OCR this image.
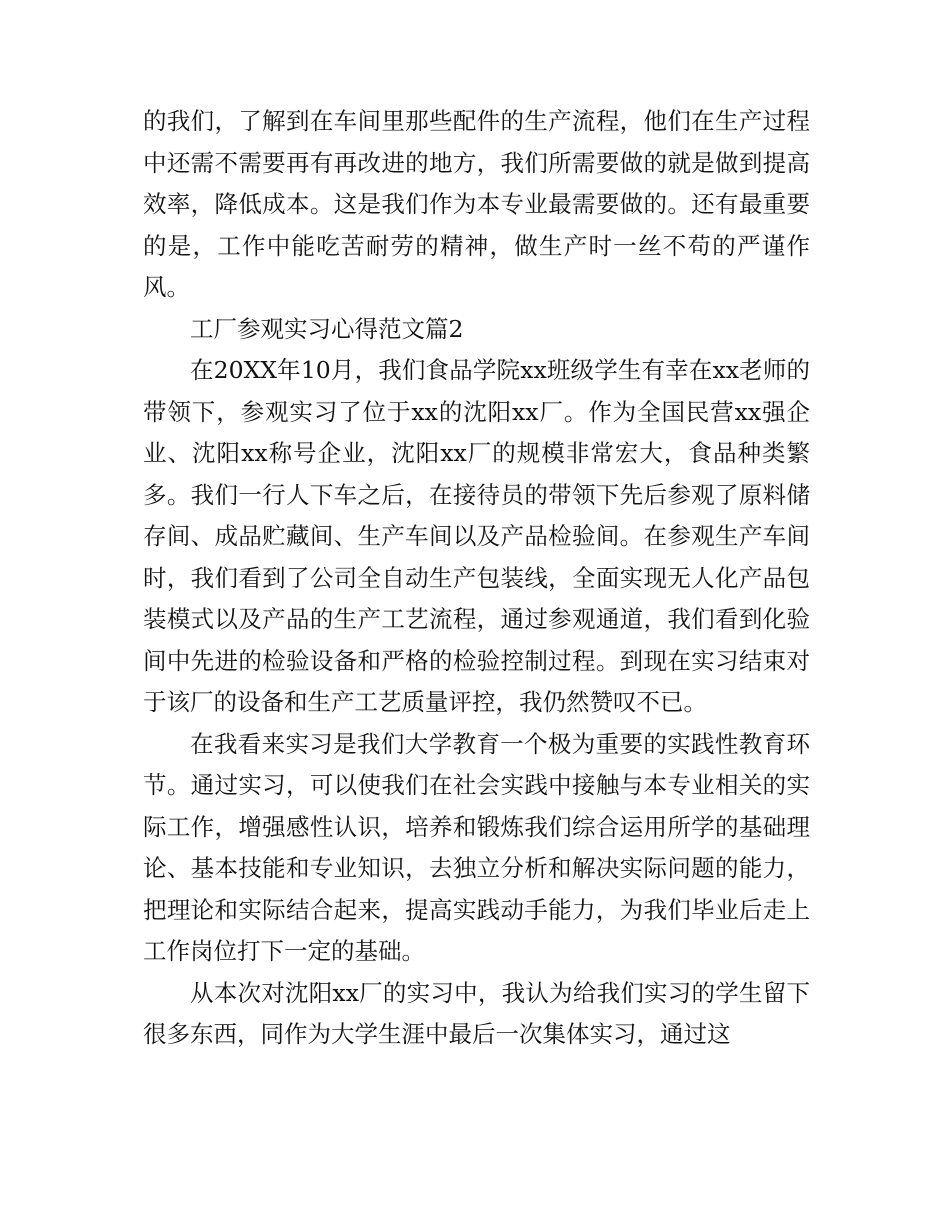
的我们，了解到在车间里那些配件的生产流程，他们在生产过程中还需不需要再有再改进的地方，我们所需要做的就是做到提高效率，降低成本。这是我们作为本专业最需要做的。还有最重要的是，工作中能吃苦耐劳的精神，做生产时一丝不苟的严谨作风。

工厂参观实习心得范文篇2

在20XX年10月，我们食品学院xx班级学生有幸在xx老师的带领下，参观实习了位于xx的沈阳xx厂。作为全国民营xx强企业、沈阳xx称号企业，沈阳xx厂的规模非常宏大，食品种类繁多。我们一行人下车之后，在接待员的带领下先后参观了原料储存间、成品贮藏间、生产车间以及产品检验间。在参观生产车间时，我们看到了公司全自动生产包装线，全面实现无人化产品包装模式以及产品的生产工艺流程，通过参观通道，我们看到化验间中先进的检验设备和严格的检验控制过程。到现在实习结束对于该厂的设备和生产工艺质量评控，我仍然赞叹不已。

在我看来实习是我们大学教育一个极为重要的实践性教育环节。通过实习，可以使我们在社会实践中接触与本专业相关的实际工作，增强感性认识，培养和锻炼我们综合运用所学的基础理论、基本技能和专业知识，去独立分析和解决实际问题的能力，把理论和实际结合起来，提高实践动手能力，为我们毕业后走上工作岗位打下一定的基础。

从本次对沈阳xx厂的实习中，我认为给我们实习的学生留下很多东西，同作为大学生涯中最后一次集体实习，通过这
